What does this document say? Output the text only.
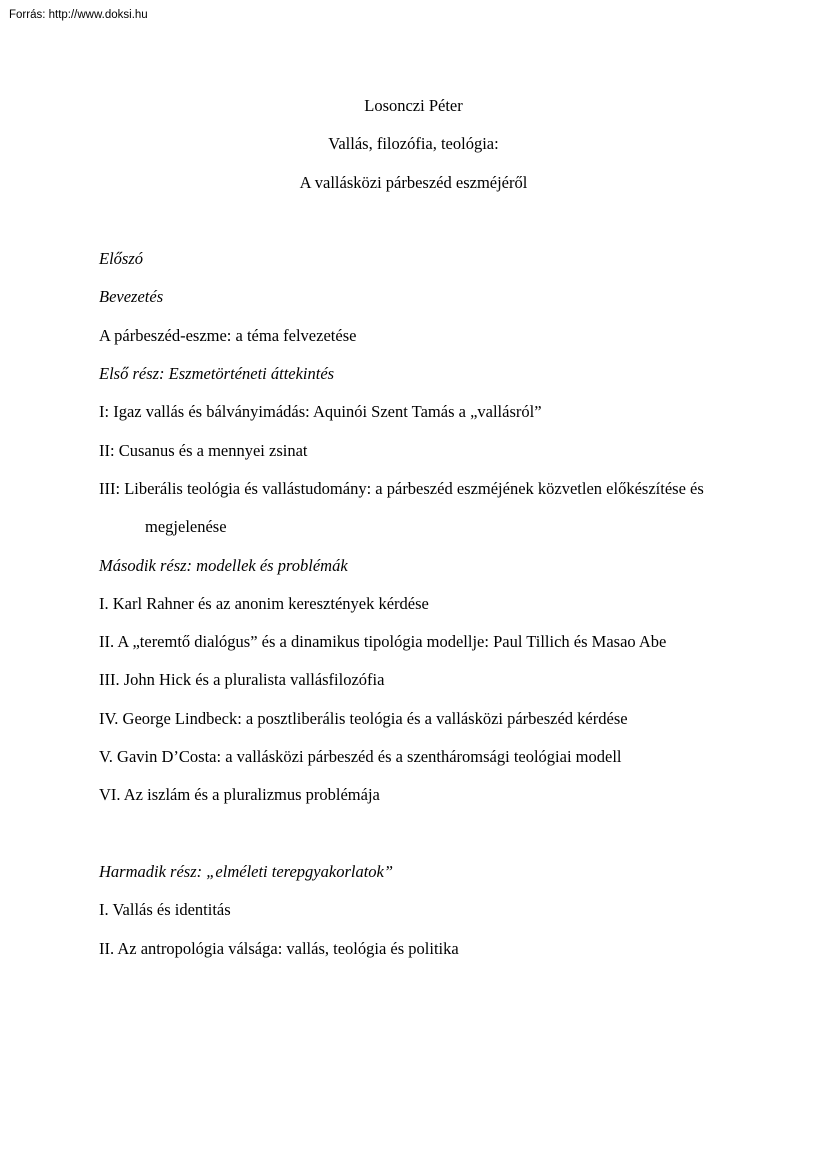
Forrás: http://www.doksi.hu

Losonczi Péter

Vallás, filozófia, teológia:

A vallásközi párbeszéd eszméjéről

Előszó

Bevezetés

A párbeszéd-eszme: a téma felvezetése

Első rész: Eszmetörténeti áttekintés

I: Igaz vallás és bálványimádás: Aquinói Szent Tamás a „vallásról”

II: Cusanus és a mennyei zsinat

III: Liberális teológia és vallástudomány: a párbeszéd eszméjének közvetlen előkészítése és

megjelenése

Második rész: modellek és problémák

I. Karl Rahner és az anonim keresztények kérdése

II. A „teremtő dialógus” és a dinamikus tipológia modellje: Paul Tillich és Masao Abe

III. John Hick és a pluralista vallásfilozófia

IV. George Lindbeck: a posztliberális teológia és a vallásközi párbeszéd kérdése

V. Gavin D’Costa: a vallásközi párbeszéd és a szentháromsági teológiai modell

VI. Az iszlám és a pluralizmus problémája

Harmadik rész: „elméleti terepgyakorlatok”

I. Vallás és identitás

II. Az antropológia válsága: vallás, teológia és politika
